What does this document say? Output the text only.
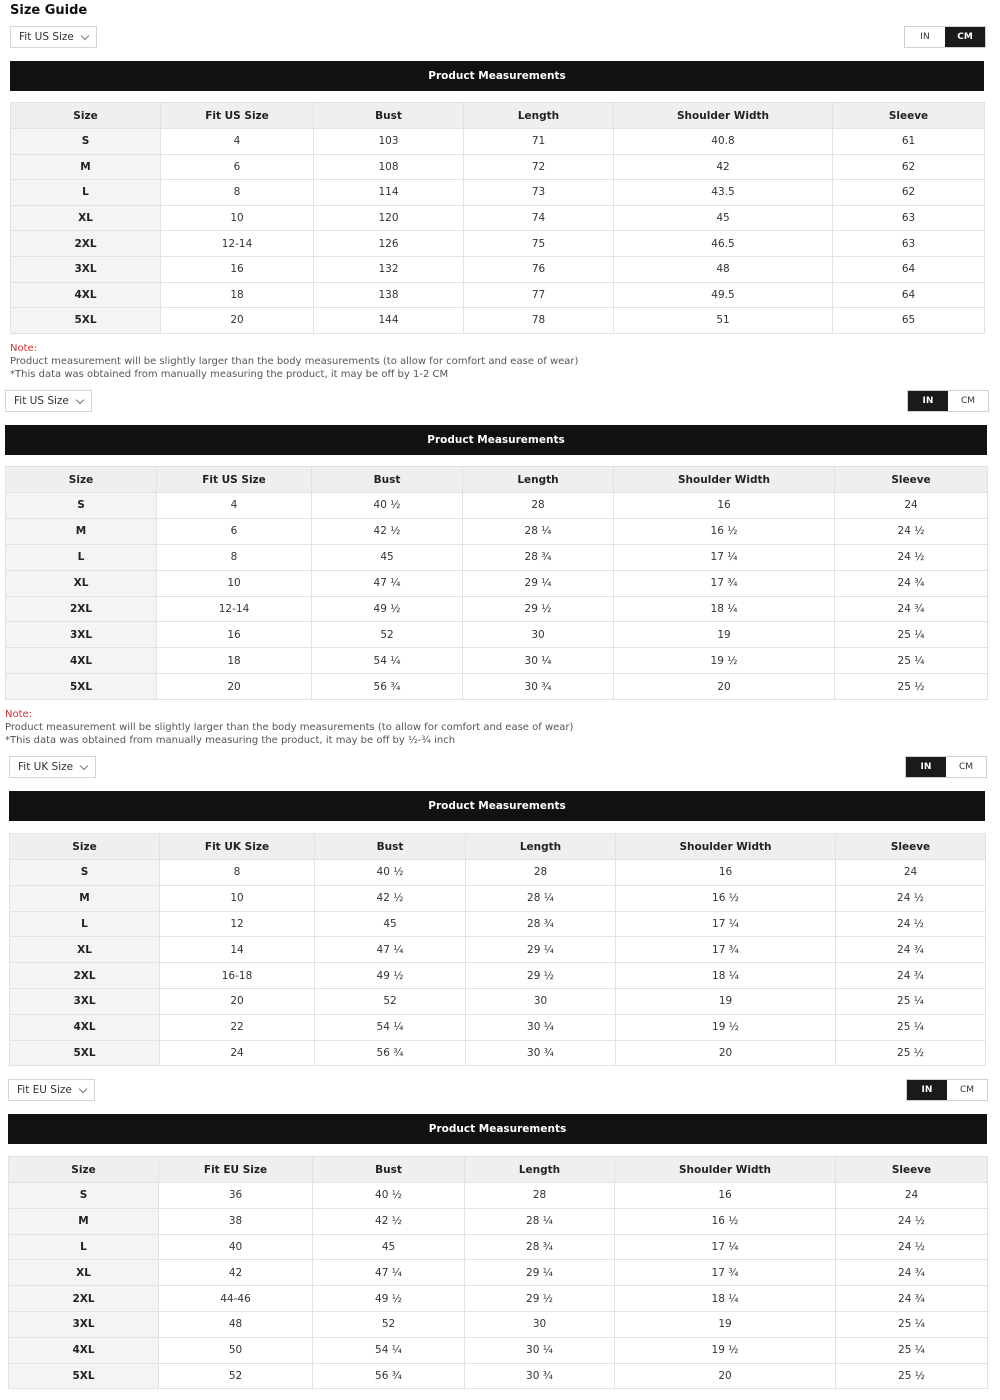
Size Guide
Fit US Size	IN	CM
Product Measurements
Size	Fit US Size	Bust	Length	Shoulder Width	Sleeve
S	4	103	71	40.8	61
M	6	108	72	42	62
L	8	114	73	43.5	62
XL	10	120	74	45	63
2XL	12-14	126	75	46.5	63
3XL	16	132	76	48	64
4XL	18	138	77	49.5	64
5XL	20	144	78	51	65
Note:
Product measurement will be slightly larger than the body measurements (to allow for comfort and ease of wear)
*This data was obtained from manually measuring the product, it may be off by 1-2 CM
Fit US Size	IN	CM
Product Measurements
Size	Fit US Size	Bust	Length	Shoulder Width	Sleeve
S	4	40 ½	28	16	24
M	6	42 ½	28 ¼	16 ½	24 ½
L	8	45	28 ¾	17 ¼	24 ½
XL	10	47 ¼	29 ¼	17 ¾	24 ¾
2XL	12-14	49 ½	29 ½	18 ¼	24 ¾
3XL	16	52	30	19	25 ¼
4XL	18	54 ¼	30 ¼	19 ½	25 ¼
5XL	20	56 ¾	30 ¾	20	25 ½
Note:
Product measurement will be slightly larger than the body measurements (to allow for comfort and ease of wear)
*This data was obtained from manually measuring the product, it may be off by ½-¾ inch
Fit UK Size	IN	CM
Product Measurements
Size	Fit UK Size	Bust	Length	Shoulder Width	Sleeve
S	8	40 ½	28	16	24
M	10	42 ½	28 ¼	16 ½	24 ½
L	12	45	28 ¾	17 ¼	24 ½
XL	14	47 ¼	29 ¼	17 ¾	24 ¾
2XL	16-18	49 ½	29 ½	18 ¼	24 ¾
3XL	20	52	30	19	25 ¼
4XL	22	54 ¼	30 ¼	19 ½	25 ¼
5XL	24	56 ¾	30 ¾	20	25 ½
Fit EU Size	IN	CM
Product Measurements
Size	Fit EU Size	Bust	Length	Shoulder Width	Sleeve
S	36	40 ½	28	16	24
M	38	42 ½	28 ¼	16 ½	24 ½
L	40	45	28 ¾	17 ¼	24 ½
XL	42	47 ¼	29 ¼	17 ¾	24 ¾
2XL	44-46	49 ½	29 ½	18 ¼	24 ¾
3XL	48	52	30	19	25 ¼
4XL	50	54 ¼	30 ¼	19 ½	25 ¼
5XL	52	56 ¾	30 ¾	20	25 ½
